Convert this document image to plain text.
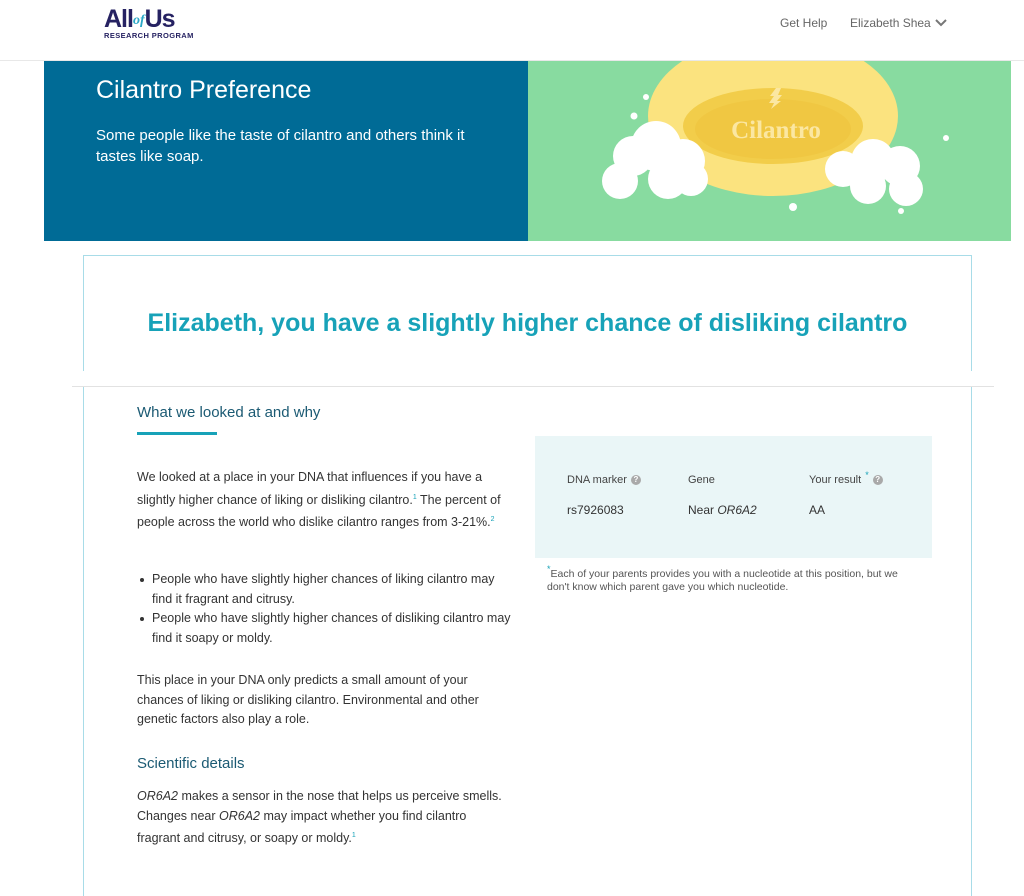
AllofUs
RESEARCH PROGRAM
Get Help Elizabeth Shea
Cilantro Preference
Some people like the taste of cilantro and others think it tastes like soap.
Cilantro
Elizabeth, you have a slightly higher chance of disliking cilantro
What we looked at and why
We looked at a place in your DNA that influences if you have a slightly higher chance of liking or disliking cilantro.$^1$ The percent of people across the world who dislike cilantro ranges from 3-21%.$^2$
People who have slightly higher chances of liking cilantro may find it fragrant and citrusy.
People who have slightly higher chances of disliking cilantro may find it soapy or moldy.
This place in your DNA only predicts a small amount of your chances of liking or disliking cilantro. Environmental and other genetic factors also play a role.
Scientific details
OR6A2 makes a sensor in the nose that helps us perceive smells. Changes near OR6A2 may impact whether you find cilantro fragrant and citrusy, or soapy or moldy.$^1$
DNA marker ?	Gene	Your result * ?
rs7926083	Near OR6A2	AA
*Each of your parents provides you with a nucleotide at this position, but we don't know which parent gave you which nucleotide.
